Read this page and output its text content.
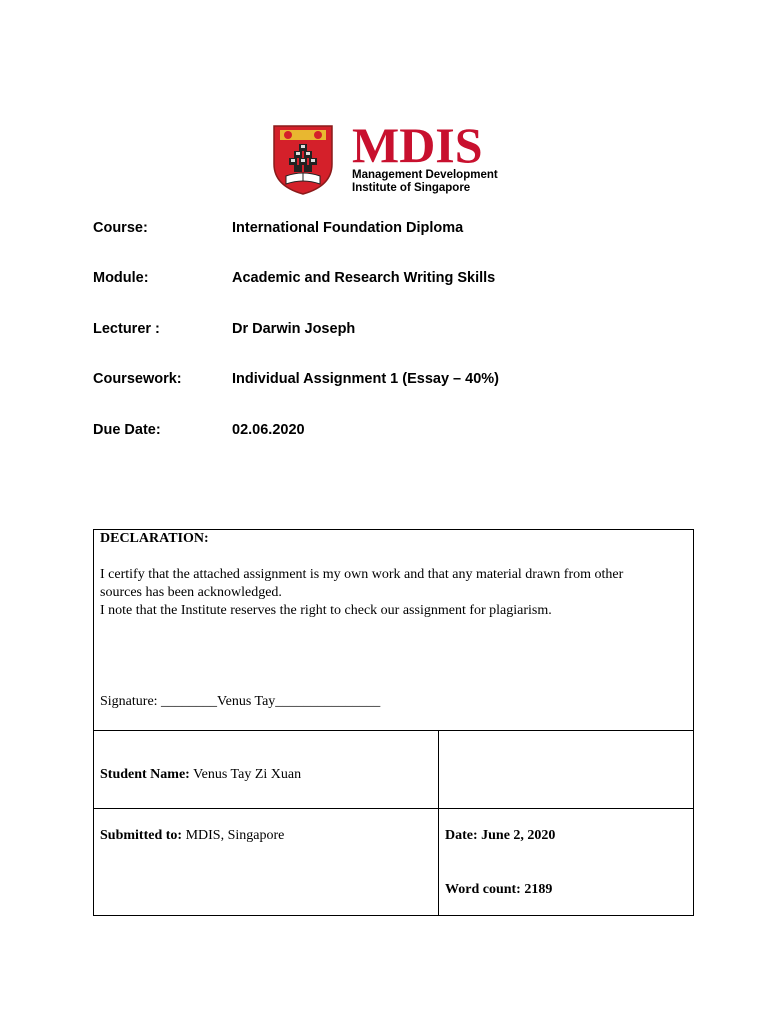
MDIS
Management Development
Institute of Singapore
Course:	International Foundation Diploma
Module:	Academic and Research Writing Skills
Lecturer :	Dr Darwin Joseph
Coursework:	Individual Assignment 1 (Essay – 40%)
Due Date:	02.06.2020
DECLARATION:
I certify that the attached assignment is my own work and that any material drawn from other
sources has been acknowledged.
I note that the Institute reserves the right to check our assignment for plagiarism.
Signature: ________Venus Tay_______________
Student Name: Venus Tay Zi Xuan
Submitted to: MDIS, Singapore	Date: June 2, 2020
Word count: 2189
